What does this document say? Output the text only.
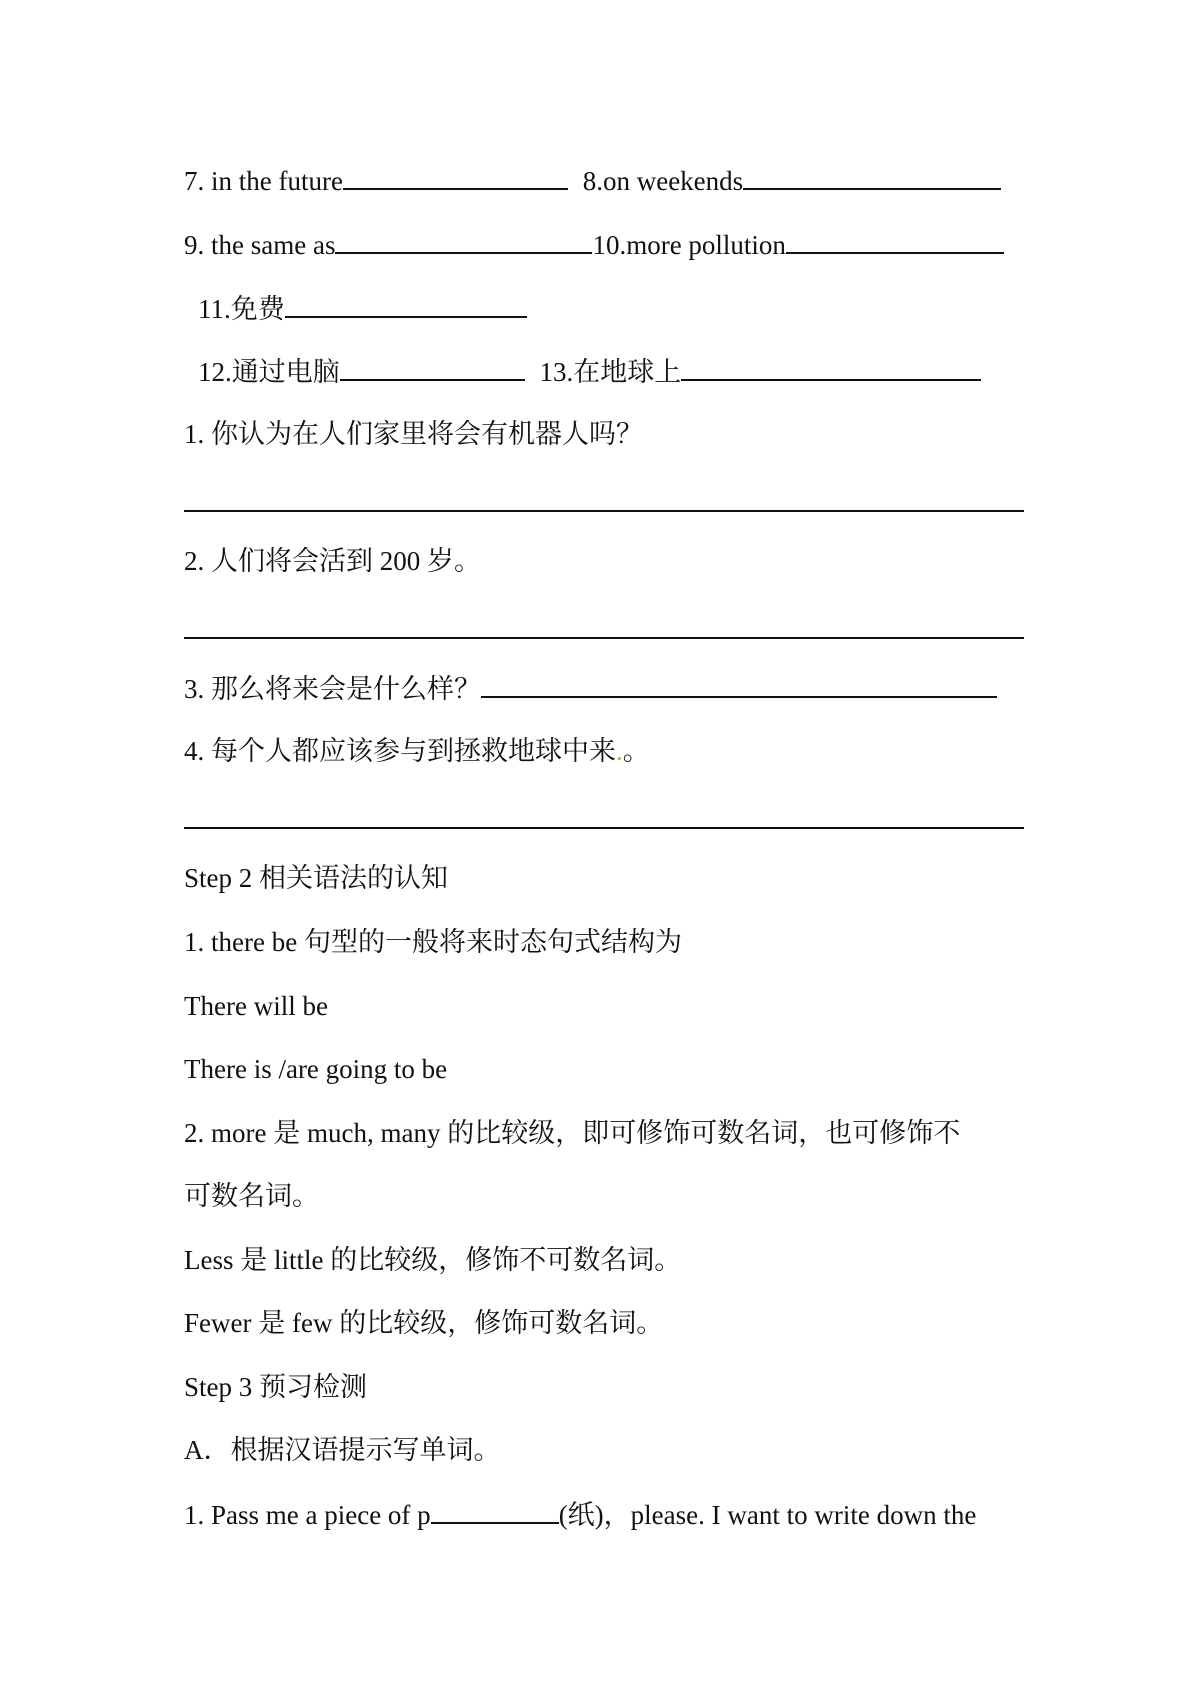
7. in the future	8.on weekends
9. the same as	10.more pollution
11.免费
12.通过电脑	13.在地球上
1. 你认为在人们家里将会有机器人吗？
2. 人们将会活到 200 岁。
3. 那么将来会是什么样？
4. 每个人都应该参与到拯救地球中来.。
Step 2 相关语法的认知
1. there be 句型的一般将来时态句式结构为
There will be
There is /are going to be
2. more 是 much, many 的比较级，即可修饰可数名词，也可修饰不
可数名词。
Less 是 little 的比较级，修饰不可数名词。
Fewer 是 few 的比较级，修饰可数名词。
Step 3 预习检测
A．根据汉语提示写单词。
1. Pass me a piece of p	(纸)，please. I want to write down the
